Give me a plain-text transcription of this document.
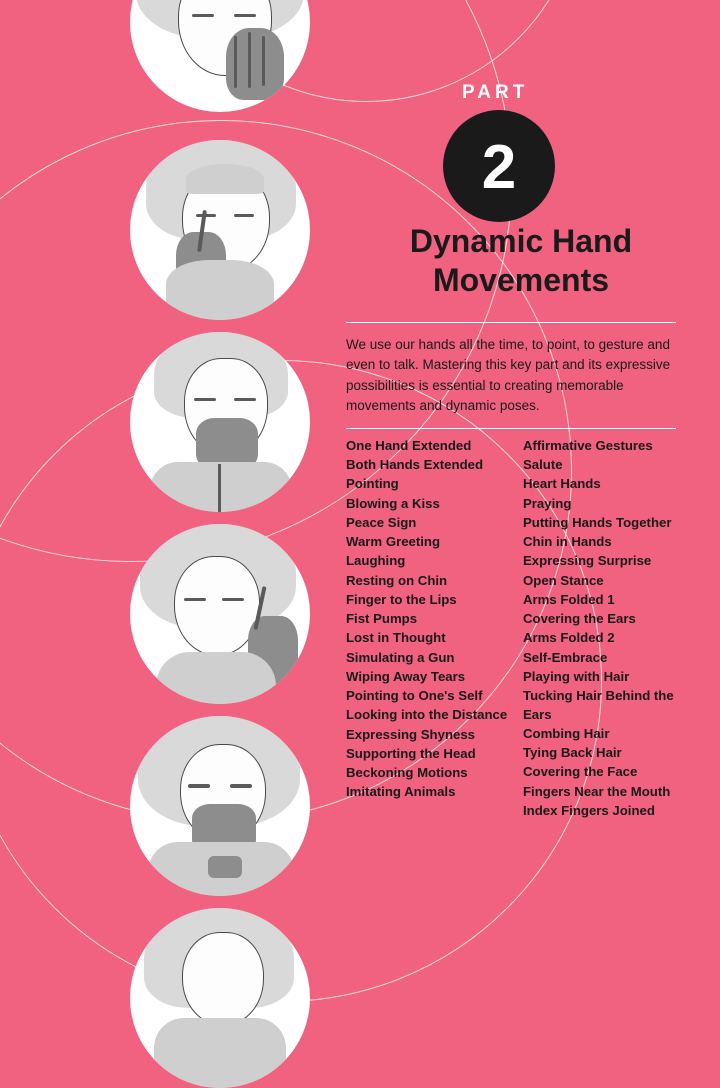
PART
2
Dynamic Hand Movements
We use our hands all the time, to point, to gesture and even to talk. Mastering this key part and its expressive possibilities is essential to creating memorable movements and dynamic poses.
One Hand Extended
Both Hands Extended
Pointing
Blowing a Kiss
Peace Sign
Warm Greeting
Laughing
Resting on Chin
Finger to the Lips
Fist Pumps
Lost in Thought
Simulating a Gun
Wiping Away Tears
Pointing to One's Self
Looking into the Distance
Expressing Shyness
Supporting the Head
Beckoning Motions
Imitating Animals
Affirmative Gestures
Salute
Heart Hands
Praying
Putting Hands Together
Chin in Hands
Expressing Surprise
Open Stance
Arms Folded 1
Covering the Ears
Arms Folded 2
Self-Embrace
Playing with Hair
Tucking Hair Behind the Ears
Combing Hair
Tying Back Hair
Covering the Face
Fingers Near the Mouth
Index Fingers Joined
